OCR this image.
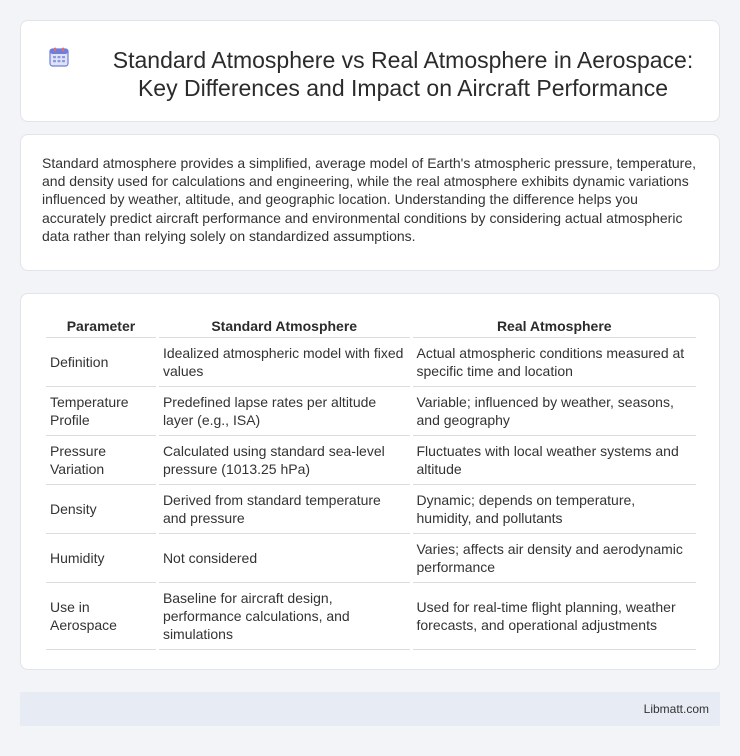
Standard Atmosphere vs Real Atmosphere in Aerospace: Key Differences and Impact on Aircraft Performance

Standard atmosphere provides a simplified, average model of Earth's atmospheric pressure, temperature, and density used for calculations and engineering, while the real atmosphere exhibits dynamic variations influenced by weather, altitude, and geographic location. Understanding the difference helps you accurately predict aircraft performance and environmental conditions by considering actual atmospheric data rather than relying solely on standardized assumptions.

Parameter	Standard Atmosphere	Real Atmosphere
Definition	Idealized atmospheric model with fixed values	Actual atmospheric conditions measured at specific time and location
Temperature Profile	Predefined lapse rates per altitude layer (e.g., ISA)	Variable; influenced by weather, seasons, and geography
Pressure Variation	Calculated using standard sea-level pressure (1013.25 hPa)	Fluctuates with local weather systems and altitude
Density	Derived from standard temperature and pressure	Dynamic; depends on temperature, humidity, and pollutants
Humidity	Not considered	Varies; affects air density and aerodynamic performance
Use in Aerospace	Baseline for aircraft design, performance calculations, and simulations	Used for real-time flight planning, weather forecasts, and operational adjustments
Libmatt.com
